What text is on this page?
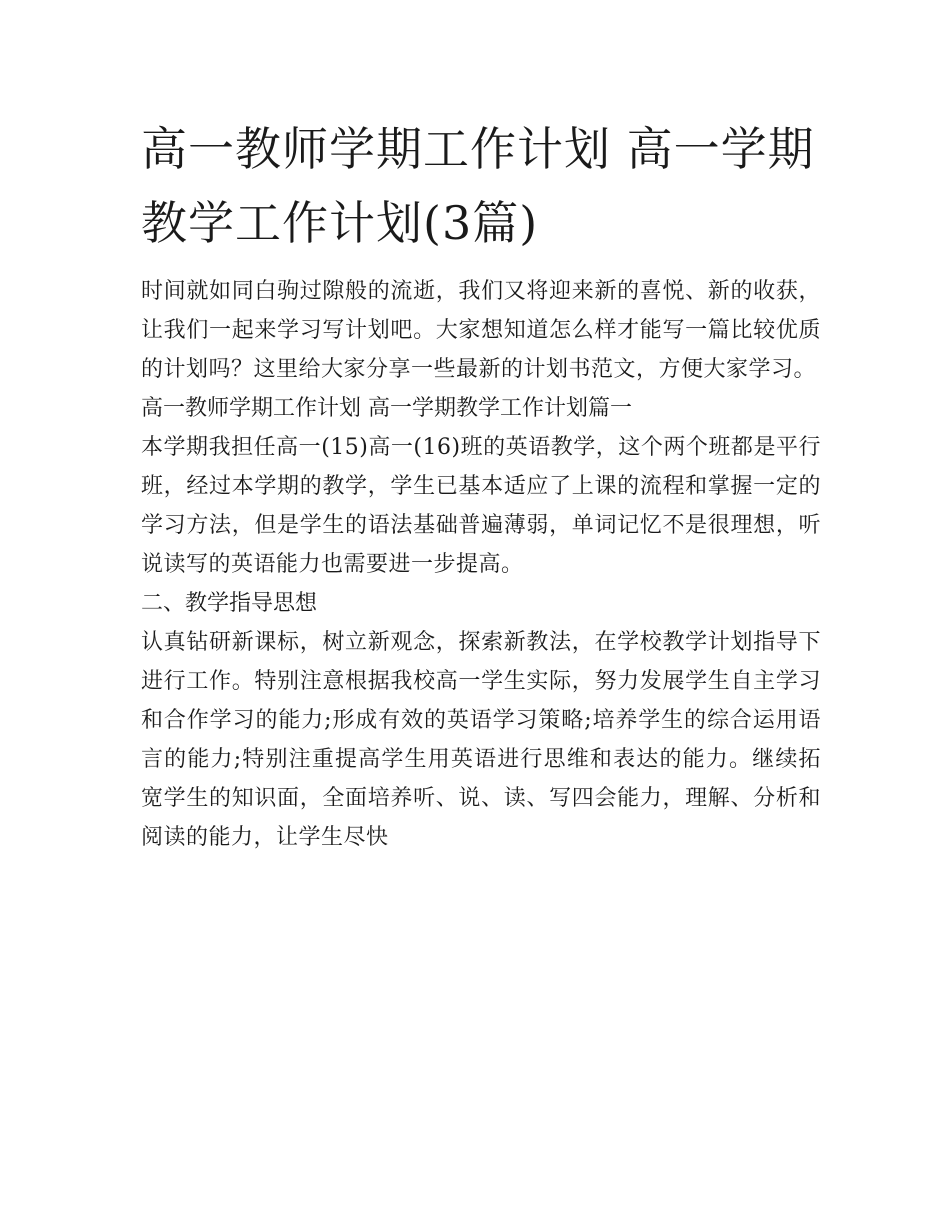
高一教师学期工作计划 高一学期教学工作计划(3篇)

时间就如同白驹过隙般的流逝，我们又将迎来新的喜悦、新的收获，让我们一起来学习写计划吧。大家想知道怎么样才能写一篇比较优质的计划吗？这里给大家分享一些最新的计划书范文，方便大家学习。

高一教师学期工作计划 高一学期教学工作计划篇一

本学期我担任高一(15)高一(16)班的英语教学，这个两个班都是平行班，经过本学期的教学，学生已基本适应了上课的流程和掌握一定的学习方法，但是学生的语法基础普遍薄弱，单词记忆不是很理想，听说读写的英语能力也需要进一步提高。

二、教学指导思想

认真钻研新课标，树立新观念，探索新教法，在学校教学计划指导下进行工作。特别注意根据我校高一学生实际，努力发展学生自主学习和合作学习的能力;形成有效的英语学习策略;培养学生的综合运用语言的能力;特别注重提高学生用英语进行思维和表达的能力。继续拓宽学生的知识面，全面培养听、说、读、写四会能力，理解、分析和阅读的能力，让学生尽快
